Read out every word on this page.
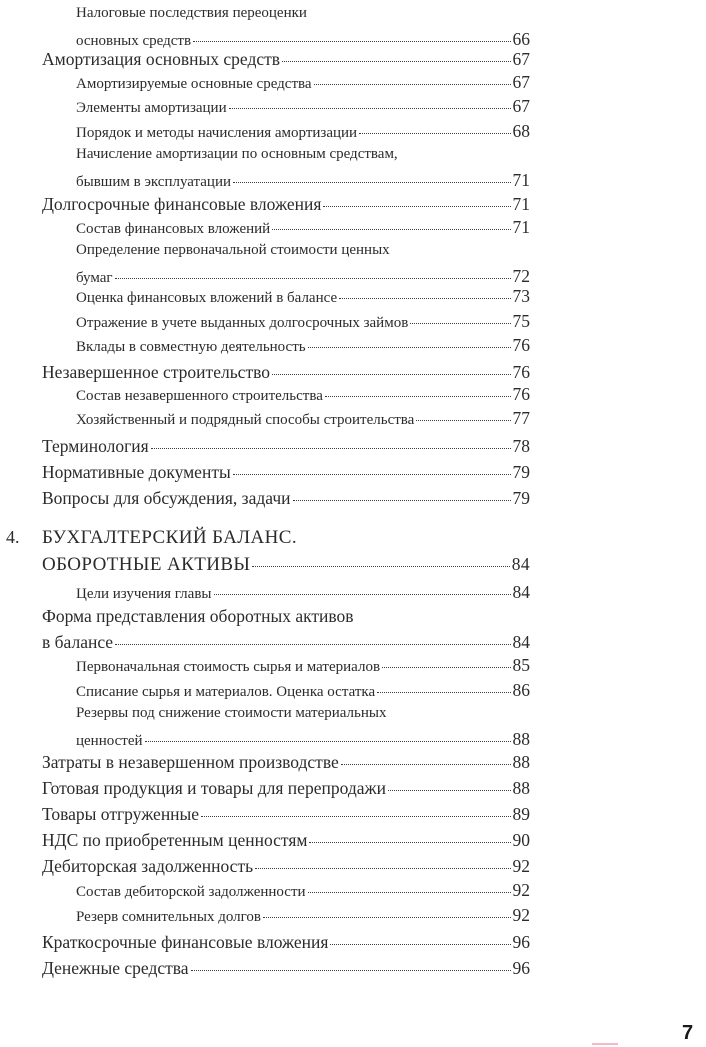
Налоговые последствия переоценки
основных средств	66
Амортизация основных средств	67
Амортизируемые основные средства	67
Элементы амортизации	67
Порядок и методы начисления амортизации	68
Начисление амортизации по основным средствам,
бывшим в эксплуатации	71
Долгосрочные финансовые вложения	71
Состав финансовых вложений	71
Определение первоначальной стоимости ценных
бумаг	72
Оценка финансовых вложений в балансе	73
Отражение в учете выданных долгосрочных займов	75
Вклады в совместную деятельность	76
Незавершенное строительство	76
Состав незавершенного строительства	76
Хозяйственный и подрядный способы строительства	77
Терминология	78
Нормативные документы	79
Вопросы для обсуждения, задачи	79
4. БУХГАЛТЕРСКИЙ БАЛАНС.
ОБОРОТНЫЕ АКТИВЫ	84
Цели изучения главы	84
Форма представления оборотных активов
в балансе	84
Первоначальная стоимость сырья и материалов	85
Списание сырья и материалов. Оценка остатка	86
Резервы под снижение стоимости материальных
ценностей	88
Затраты в незавершенном производстве	88
Готовая продукция и товары для перепродажи	88
Товары отгруженные	89
НДС по приобретенным ценностям	90
Дебиторская задолженность	92
Состав дебиторской задолженности	92
Резерв сомнительных долгов	92
Краткосрочные финансовые вложения	96
Денежные средства	96
7
